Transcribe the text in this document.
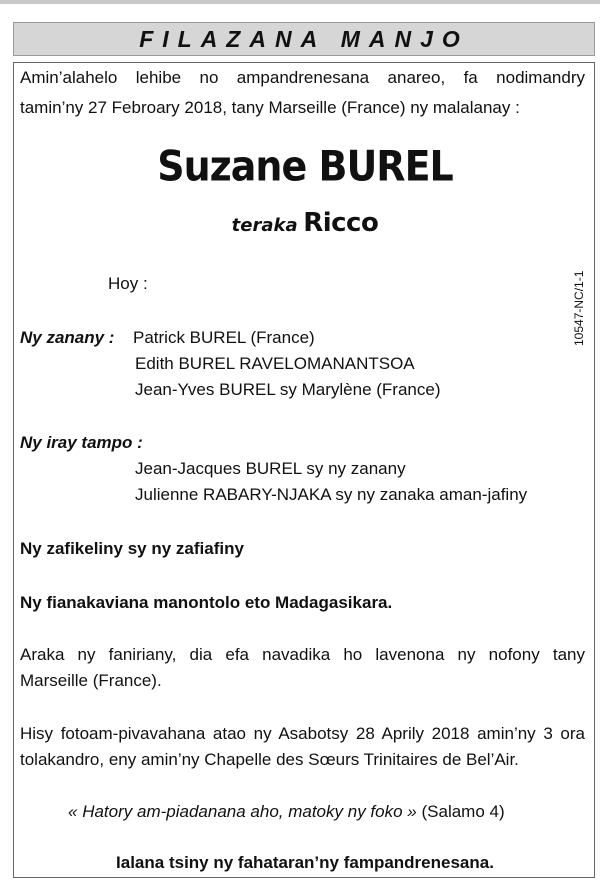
FILAZANA MANJO
Amin’alahelo lehibe no ampandrenesana anareo, fa nodimandry
tamin’ny 27 Febroary 2018, tany Marseille (France) ny malalanay :
Suzane BUREL
teraka Ricco
Hoy :
Ny zanany : Patrick BUREL (France)
Edith BUREL RAVELOMANANTSOA
Jean-Yves BUREL sy Marylène (France)
Ny iray tampo :
Jean-Jacques BUREL sy ny zanany
Julienne RABARY-NJAKA sy ny zanaka aman-jafiny
Ny zafikeliny sy ny zafiafiny
Ny fianakaviana manontolo eto Madagasikara.
Araka ny faniriany, dia efa navadika ho lavenona ny nofony tany
Marseille (France).
Hisy fotoam-pivavahana atao ny Asabotsy 28 Aprily 2018 amin’ny 3 ora
tolakandro, eny amin’ny Chapelle des Sœurs Trinitaires de Bel’Air.
« Hatory am-piadanana aho, matoky ny foko » (Salamo 4)
Ialana tsiny ny fahataran’ny fampandrenesana.
10547-NC/1-1
